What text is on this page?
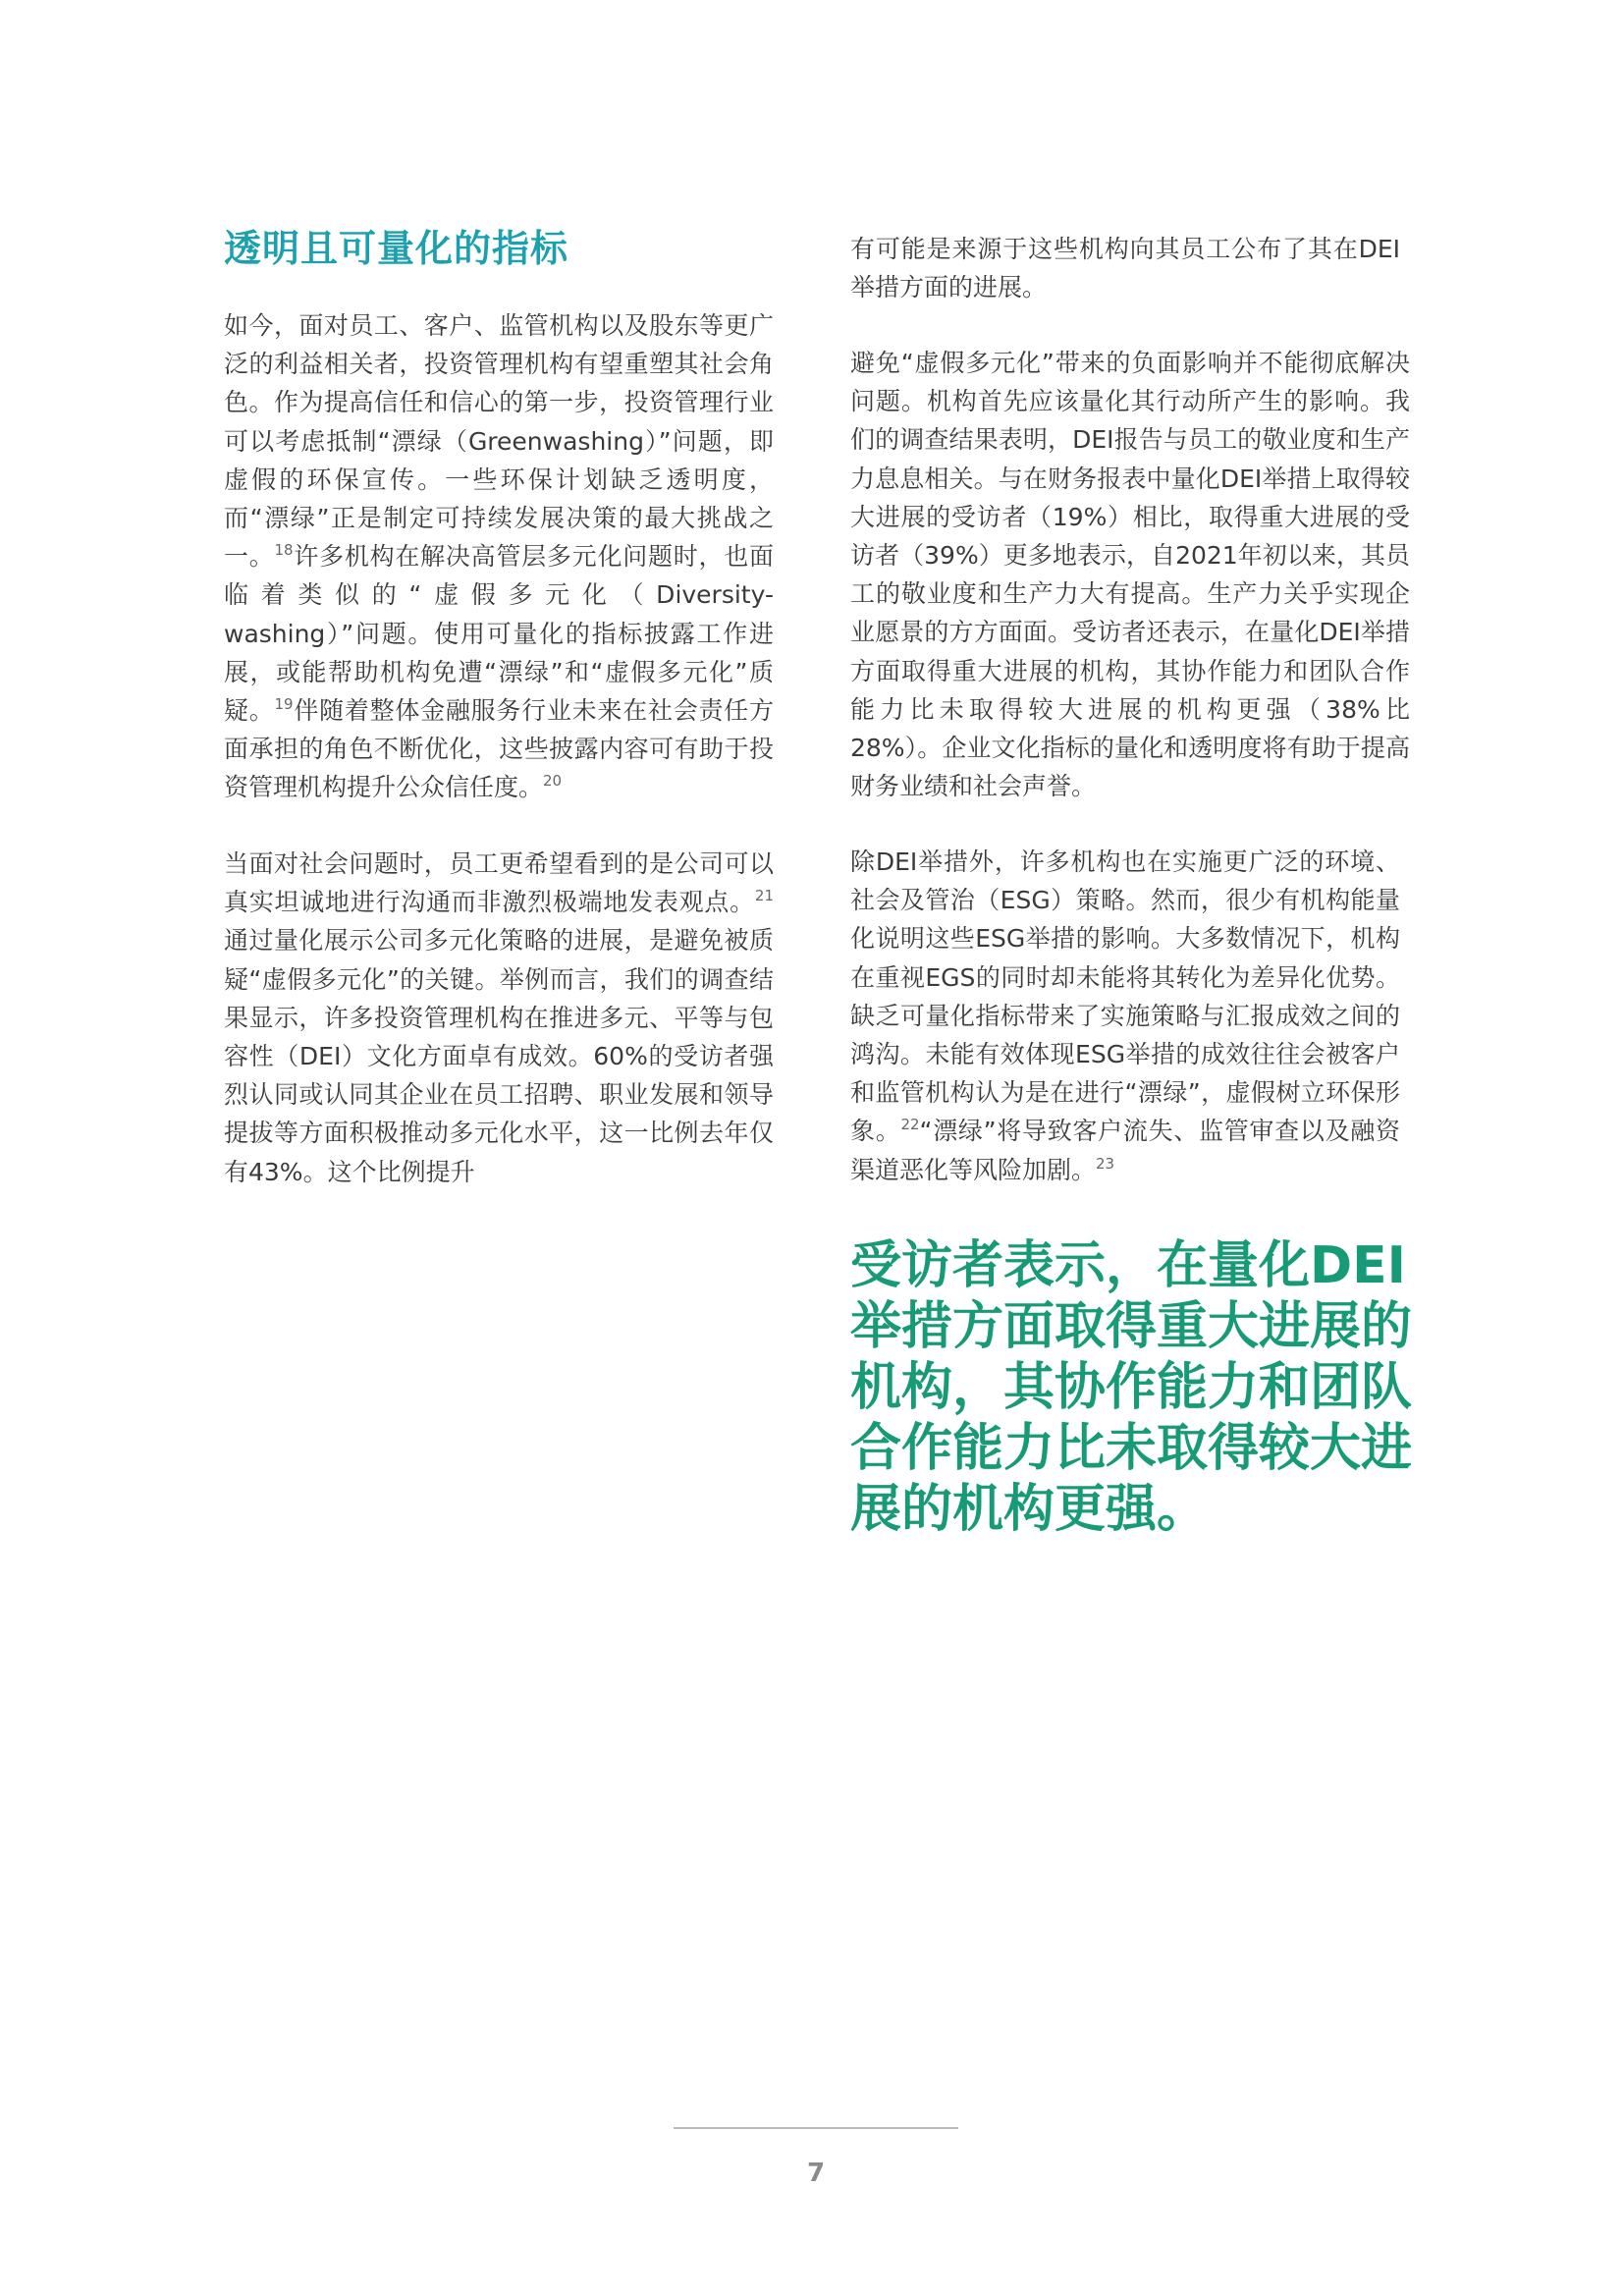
透明且可量化的指标

如今，面对员工、客户、监管机构以及股东等更广泛的利益相关者，投资管理机构有望重塑其社会角色。作为提高信任和信心的第一步，投资管理行业可以考虑抵制“漂绿（Greenwashing）”问题，即虚假的环保宣传。一些环保计划缺乏透明度，而“漂绿”正是制定可持续发展决策的最大挑战之一。$^{18}$许多机构在解决高管层多元化问题时，也面临着类似的“虚假多元化（Diversity-washing）”问题。使用可量化的指标披露工作进展，或能帮助机构免遭“漂绿”和“虚假多元化”质疑。$^{19}$伴随着整体金融服务行业未来在社会责任方面承担的角色不断优化，这些披露内容可有助于投资管理机构提升公众信任度。$^{20}$

当面对社会问题时，员工更希望看到的是公司可以真实坦诚地进行沟通而非激烈极端地发表观点。$^{21}$通过量化展示公司多元化策略的进展，是避免被质疑“虚假多元化”的关键。举例而言，我们的调查结果显示，许多投资管理机构在推进多元、平等与包容性（DEI）文化方面卓有成效。60%的受访者强烈认同或认同其企业在员工招聘、职业发展和领导提拔等方面积极推动多元化水平，这一比例去年仅有43%。这个比例提升

有可能是来源于这些机构向其员工公布了其在DEI举措方面的进展。

避免“虚假多元化”带来的负面影响并不能彻底解决问题。机构首先应该量化其行动所产生的影响。我们的调查结果表明，DEI报告与员工的敬业度和生产力息息相关。与在财务报表中量化DEI举措上取得较大进展的受访者（19%）相比，取得重大进展的受访者（39%）更多地表示，自2021年初以来，其员工的敬业度和生产力大有提高。生产力关乎实现企业愿景的方方面面。受访者还表示，在量化DEI举措方面取得重大进展的机构，其协作能力和团队合作能力比未取得较大进展的机构更强（38%比28%）。企业文化指标的量化和透明度将有助于提高财务业绩和社会声誉。

除DEI举措外，许多机构也在实施更广泛的环境、社会及管治（ESG）策略。然而，很少有机构能量化说明这些ESG举措的影响。大多数情况下，机构在重视EGS的同时却未能将其转化为差异化优势。缺乏可量化指标带来了实施策略与汇报成效之间的鸿沟。未能有效体现ESG举措的成效往往会被客户和监管机构认为是在进行“漂绿”，虚假树立环保形象。$^{22}$“漂绿”将导致客户流失、监管审查以及融资渠道恶化等风险加剧。$^{23}$

受访者表示，在量化DEI举措方面取得重大进展的机构，其协作能力和团队合作能力比未取得较大进展的机构更强。

7
